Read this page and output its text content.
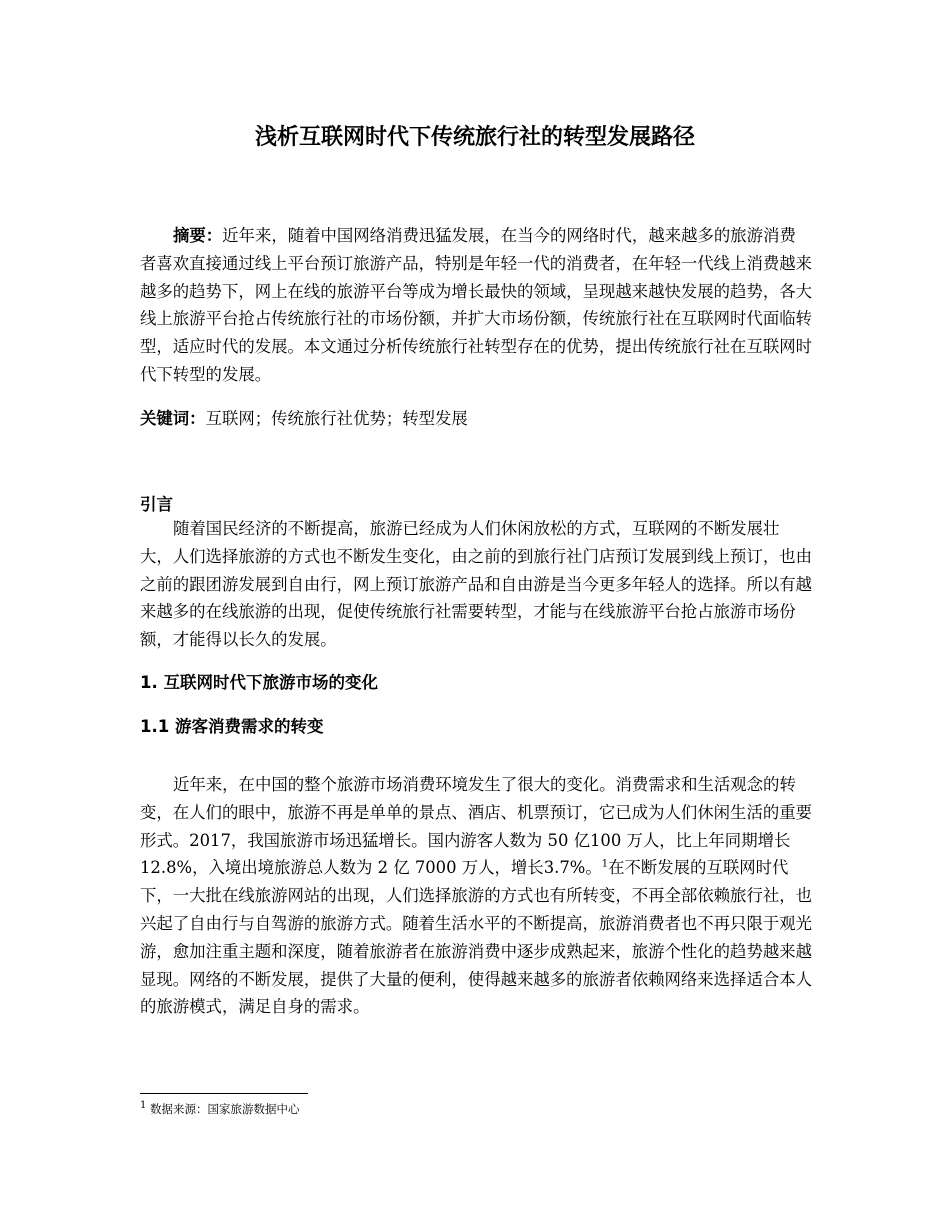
浅析互联网时代下传统旅行社的转型发展路径

摘要：近年来，随着中国网络消费迅猛发展，在当今的网络时代，越来越多的旅游消费者喜欢直接通过线上平台预订旅游产品，特别是年轻一代的消费者，在年轻一代线上消费越来越多的趋势下，网上在线的旅游平台等成为增长最快的领域，呈现越来越快发展的趋势，各大线上旅游平台抢占传统旅行社的市场份额，并扩大市场份额，传统旅行社在互联网时代面临转型，适应时代的发展。本文通过分析传统旅行社转型存在的优势，提出传统旅行社在互联网时代下转型的发展。

关键词：互联网；传统旅行社优势；转型发展

引言

随着国民经济的不断提高，旅游已经成为人们休闲放松的方式，互联网的不断发展壮大，人们选择旅游的方式也不断发生变化，由之前的到旅行社门店预订发展到线上预订，也由之前的跟团游发展到自由行，网上预订旅游产品和自由游是当今更多年轻人的选择。所以有越来越多的在线旅游的出现，促使传统旅行社需要转型，才能与在线旅游平台抢占旅游市场份额，才能得以长久的发展。

1. 互联网时代下旅游市场的变化
1.1 游客消费需求的转变

近年来，在中国的整个旅游市场消费环境发生了很大的变化。消费需求和生活观念的转变，在人们的眼中，旅游不再是单单的景点、酒店、机票预订，它已成为人们休闲生活的重要形式。2017，我国旅游市场迅猛增长。国内游客人数为 50 亿100 万人，比上年同期增长 12.8%，入境出境旅游总人数为 2 亿 7000 万人，增长3.7%。$^1$在不断发展的互联网时代下，一大批在线旅游网站的出现，人们选择旅游的方式也有所转变，不再全部依赖旅行社，也兴起了自由行与自驾游的旅游方式。随着生活水平的不断提高，旅游消费者也不再只限于观光游，愈加注重主题和深度，随着旅游者在旅游消费中逐步成熟起来，旅游个性化的趋势越来越显现。网络的不断发展，提供了大量的便利，使得越来越多的旅游者依赖网络来选择适合本人的旅游模式，满足自身的需求。

$^1$ 数据来源：国家旅游数据中心
